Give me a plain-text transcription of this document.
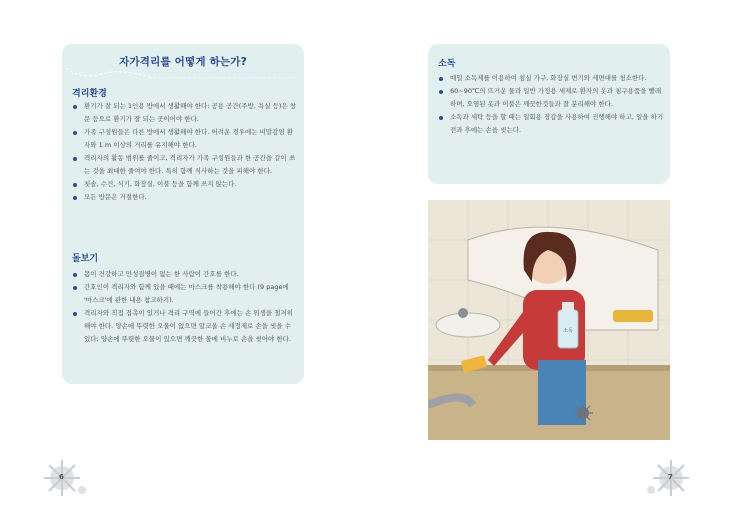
자가격리를 어떻게 하는가?
격리환경
환기가 잘 되는 1인용 방에서 생활해야 한다: 공용 공간(주방, 욕실 등)은 창문 등으로 환기가 잘 되는 곳이어야 한다.
가족 구성원들은 다른 방에서 생활해야 한다. 어려운 경우에는 비말감염 환자와 1 m 이상의 거리를 유지해야 한다.
격리자의 활동 범위를 줄이고, 격리자가 가족 구성원들과 한 공간을 같이 쓰는 것을 최대한 줄여야 한다. 특히 함께 식사하는 것을 피해야 한다.
칫솔, 수건, 식기, 화장실, 이불 등을 함께 쓰지 않는다.
모든 방문은 거절한다.
돌보기
몸이 건강하고 만성질병이 없는 한 사람이 간호를 한다.
간호인이 격리자와 함께 있을 때에는 마스크를 착용해야 한다 (9 page에 '마스크'에 관한 내용 참고하기).
격리자와 직접 접촉이 있거나 격리 구역에 들어간 후에는 손 위생을 철저히 해야 한다. 양손에 뚜렷한 오물이 없으면 알코올 손 세정제로 손을 씻을 수 있다; 양손에 뚜렷한 오물이 있으면 깨끗한 물에 비누로 손을 씻어야 한다.
소독
매일 소독제를 이용하여 침실 가구, 화장실 변기와 세면대를 청소한다.
60~90℃의 뜨거운 물과 일반 가정용 세제로 환자의 옷과 침구용품을 빨래하며, 오염된 옷과 이불은 깨끗한것들과 잘 분리해야 한다.
소독과 세탁 등을 할 때는 일회용 장갑을 사용하여 진행해야 하고, 일을 하기 전과 후에는 손을 씻는다.
소독
6	7
